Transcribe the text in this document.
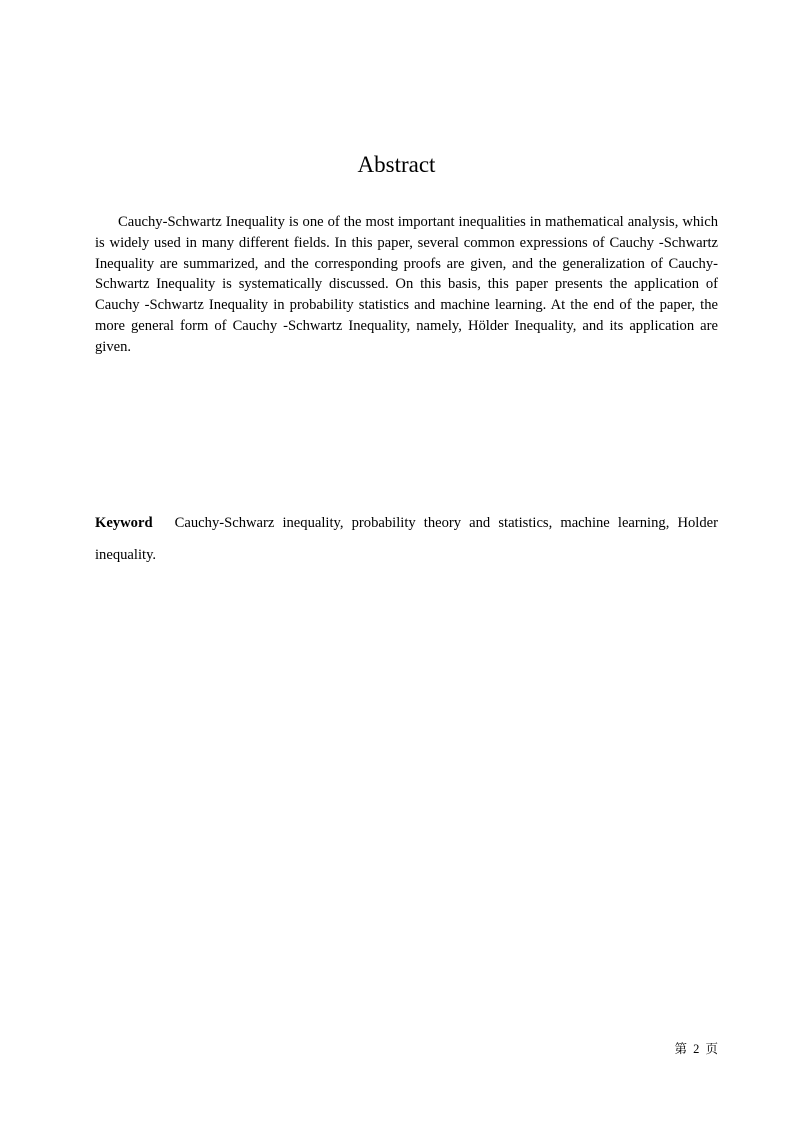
Abstract

Cauchy-Schwartz Inequality is one of the most important inequalities in mathematical analysis, which is widely used in many different fields. In this paper, several common expressions of Cauchy -Schwartz Inequality are summarized, and the corresponding proofs are given, and the generalization of Cauchy-Schwartz Inequality is systematically discussed. On this basis, this paper presents the application of Cauchy -Schwartz Inequality in probability statistics and machine learning. At the end of the paper, the more general form of Cauchy -Schwartz Inequality, namely, Hölder Inequality, and its application are given.

Keyword Cauchy-Schwarz inequality, probability theory and statistics, machine learning, Holder inequality.

第 2 页
